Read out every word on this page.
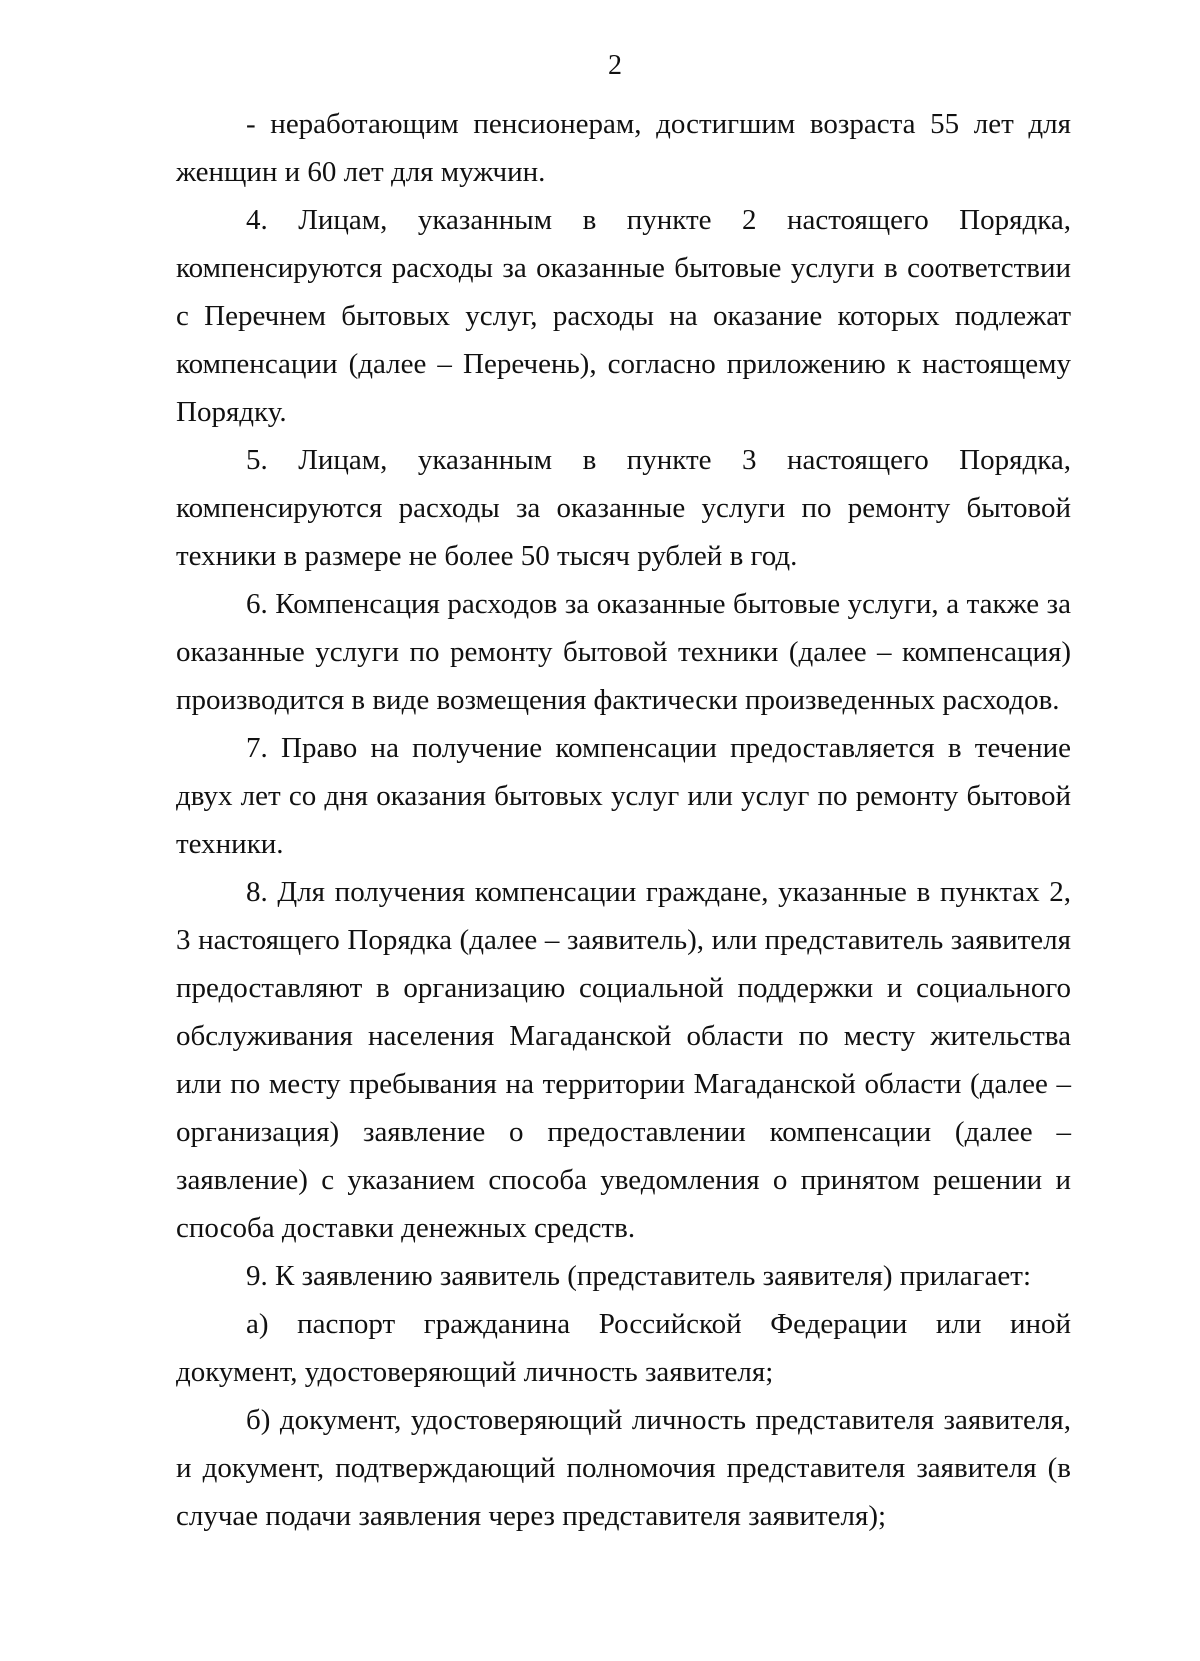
2

- неработающим пенсионерам, достигшим возраста 55 лет для женщин и 60 лет для мужчин.

4. Лицам, указанным в пункте 2 настоящего Порядка, компенсируются расходы за оказанные бытовые услуги в соответствии с Перечнем бытовых услуг, расходы на оказание которых подлежат компенсации (далее – Перечень), согласно приложению к настоящему Порядку.

5. Лицам, указанным в пункте 3 настоящего Порядка, компенсируются расходы за оказанные услуги по ремонту бытовой техники в размере не более 50 тысяч рублей в год.

6. Компенсация расходов за оказанные бытовые услуги, а также за оказанные услуги по ремонту бытовой техники (далее – компенсация) производится в виде возмещения фактически произведенных расходов.

7. Право на получение компенсации предоставляется в течение двух лет со дня оказания бытовых услуг или услуг по ремонту бытовой техники.

8. Для получения компенсации граждане, указанные в пунктах 2, 3 настоящего Порядка (далее – заявитель), или представитель заявителя предоставляют в организацию социальной поддержки и социального обслуживания населения Магаданской области по месту жительства или по месту пребывания на территории Магаданской области (далее – организация) заявление о предоставлении компенсации (далее – заявление) с указанием способа уведомления о принятом решении и способа доставки денежных средств.

9. К заявлению заявитель (представитель заявителя) прилагает:

а) паспорт гражданина Российской Федерации или иной документ, удостоверяющий личность заявителя;

б) документ, удостоверяющий личность представителя заявителя, и документ, подтверждающий полномочия представителя заявителя (в случае подачи заявления через представителя заявителя);
